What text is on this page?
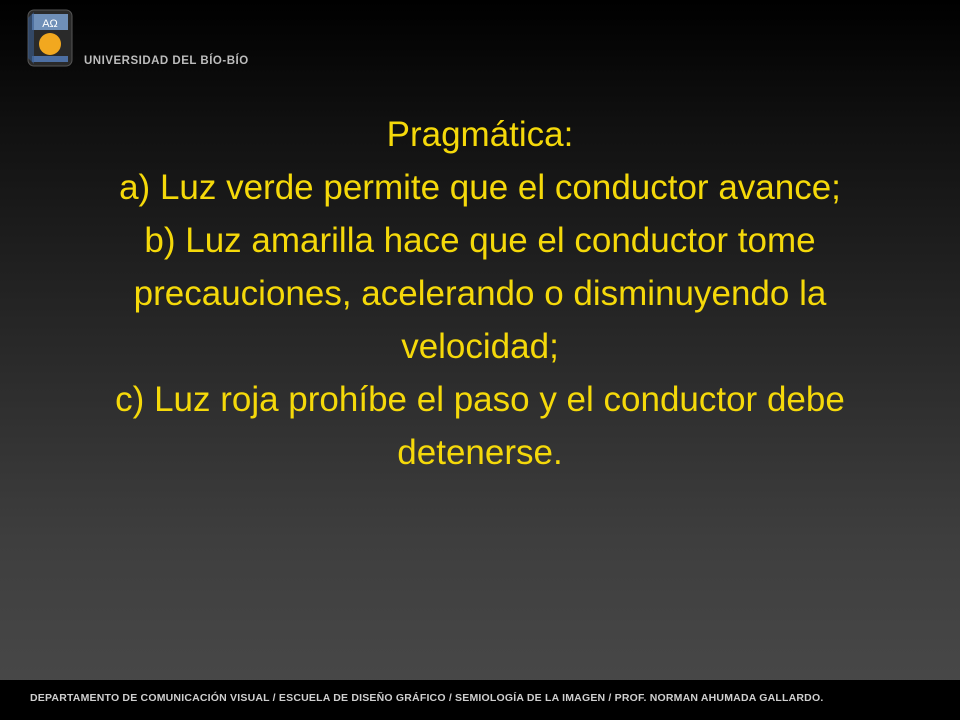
AΩ
UNIVERSIDAD DEL BÍO-BÍO
Pragmática:
a) Luz verde permite que el conductor avance;
b) Luz amarilla hace que el conductor tome precauciones, acelerando o disminuyendo la velocidad;
c) Luz roja prohíbe el paso y el conductor debe detenerse.
DEPARTAMENTO DE COMUNICACIÓN VISUAL / ESCUELA DE DISEÑO GRÁFICO / SEMIOLOGÍA DE LA IMAGEN / PROF. NORMAN AHUMADA GALLARDO.
